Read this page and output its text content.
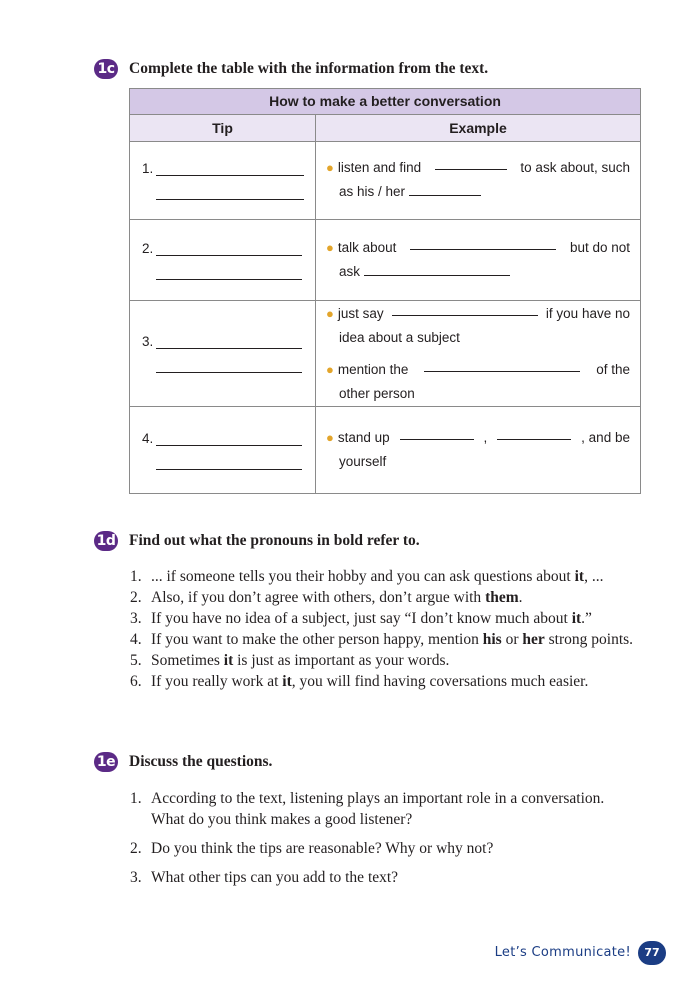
1c Complete the table with the information from the text.
How to make a better conversation
Tip	Example
1.	● listen and find	to ask about, such
as his / her
2.	● talk about	but do not
ask
3.
● just say	if you have no
idea about a subject
● mention the	of the
other person
4.	● stand up	,	, and be
yourself
1d Find out what the pronouns in bold refer to.
1. ... if someone tells you their hobby and you can ask questions about it, ...
2. Also, if you don’t agree with others, don’t argue with them.
3. If you have no idea of a subject, just say “I don’t know much about it.”
4. If you want to make the other person happy, mention his or her strong points.
5. Sometimes it is just as important as your words.
6. If you really work at it, you will find having coversations much easier.
1e Discuss the questions.
1. According to the text, listening plays an important role in a conversation. What do you think makes a good listener?
2. Do you think the tips are reasonable? Why or why not?
3. What other tips can you add to the text?
Let’s Communicate!	77
